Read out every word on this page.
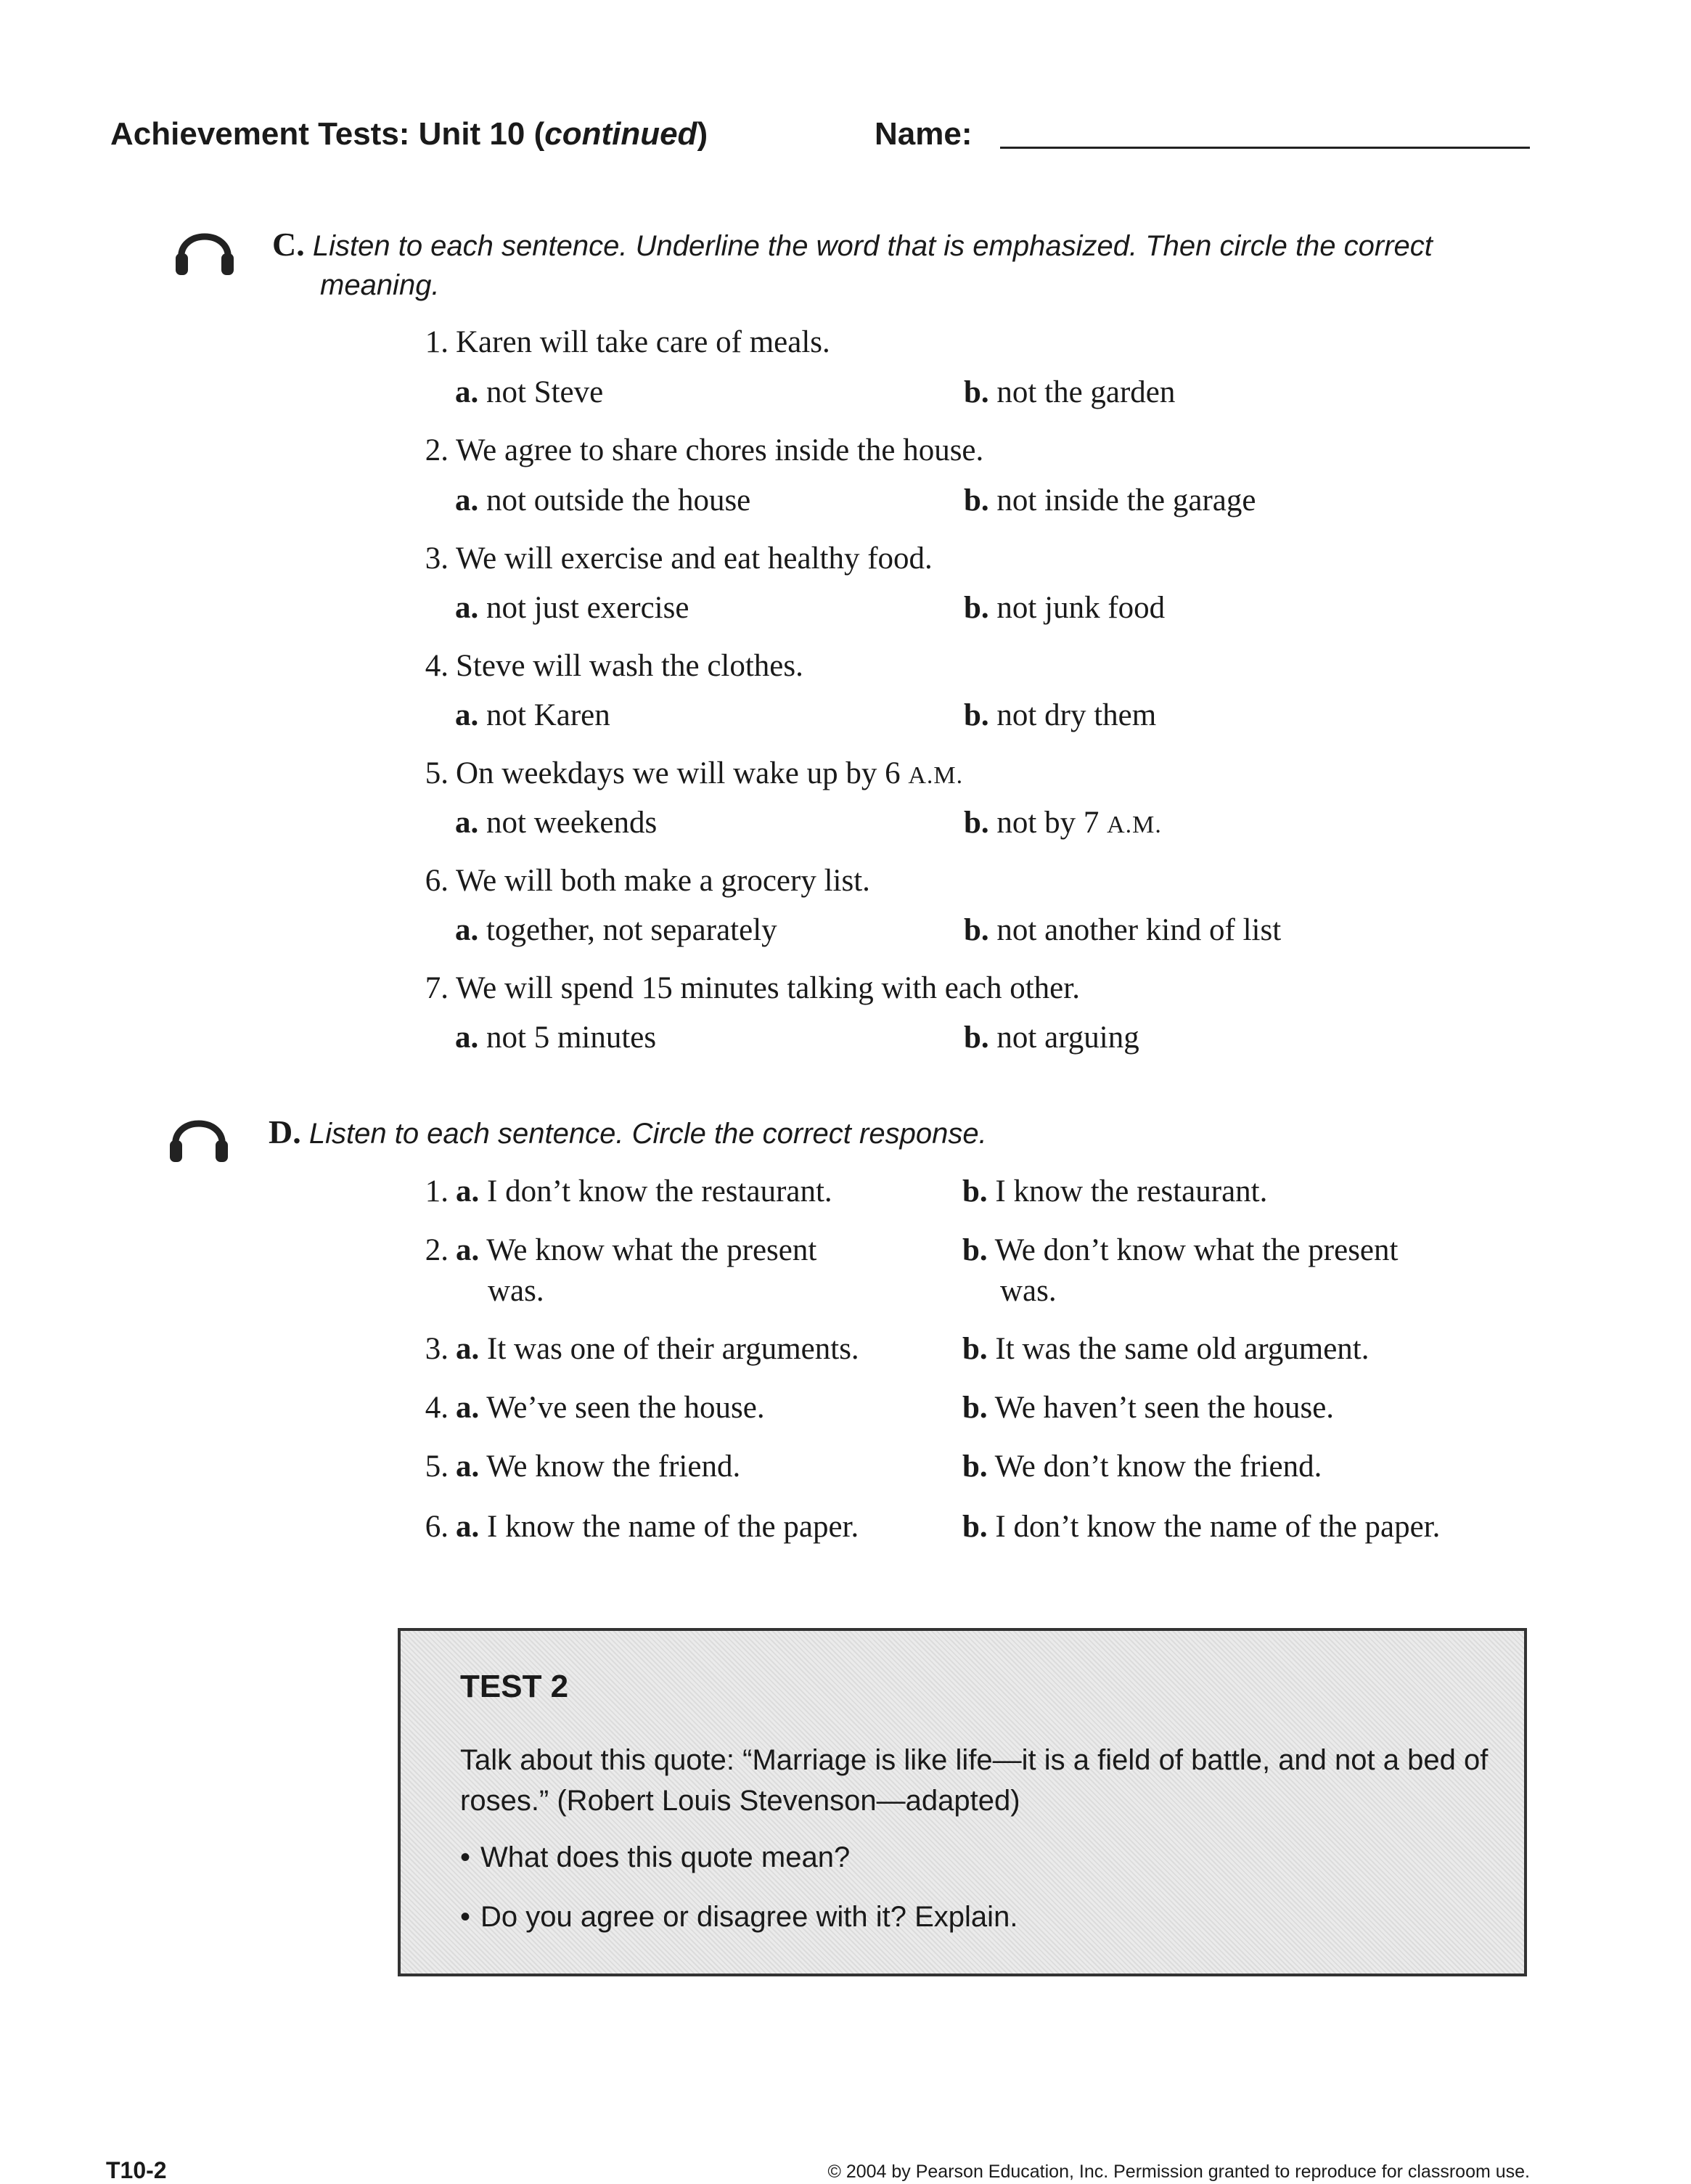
Achievement Tests: Unit 10 (continued)	Name:
C. Listen to each sentence. Underline the word that is emphasized. Then circle the correct
meaning.
1. Karen will take care of meals.
a. not Steve	b. not the garden
2. We agree to share chores inside the house.
a. not outside the house	b. not inside the garage
3. We will exercise and eat healthy food.
a. not just exercise	b. not junk food
4. Steve will wash the clothes.
a. not Karen	b. not dry them
5. On weekdays we will wake up by 6 A.M.
a. not weekends	b. not by 7 A.M.
6. We will both make a grocery list.
a. together, not separately	b. not another kind of list
7. We will spend 15 minutes talking with each other.
a. not 5 minutes	b. not arguing
D. Listen to each sentence. Circle the correct response.
1. a. I don’t know the restaurant.	b. I know the restaurant.
2. a. We know what the present
was.
b. We don’t know what the present
was.
3. a. It was one of their arguments.	b. It was the same old argument.
4. a. We’ve seen the house.	b. We haven’t seen the house.
5. a. We know the friend.	b. We don’t know the friend.
6. a. I know the name of the paper.	b. I don’t know the name of the paper.
TEST 2
Talk about this quote: “Marriage is like life—it is a field of battle, and not a bed of roses.” (Robert Louis Stevenson—adapted)
• What does this quote mean?
• Do you agree or disagree with it? Explain.
T10-2	© 2004 by Pearson Education, Inc. Permission granted to reproduce for classroom use.
